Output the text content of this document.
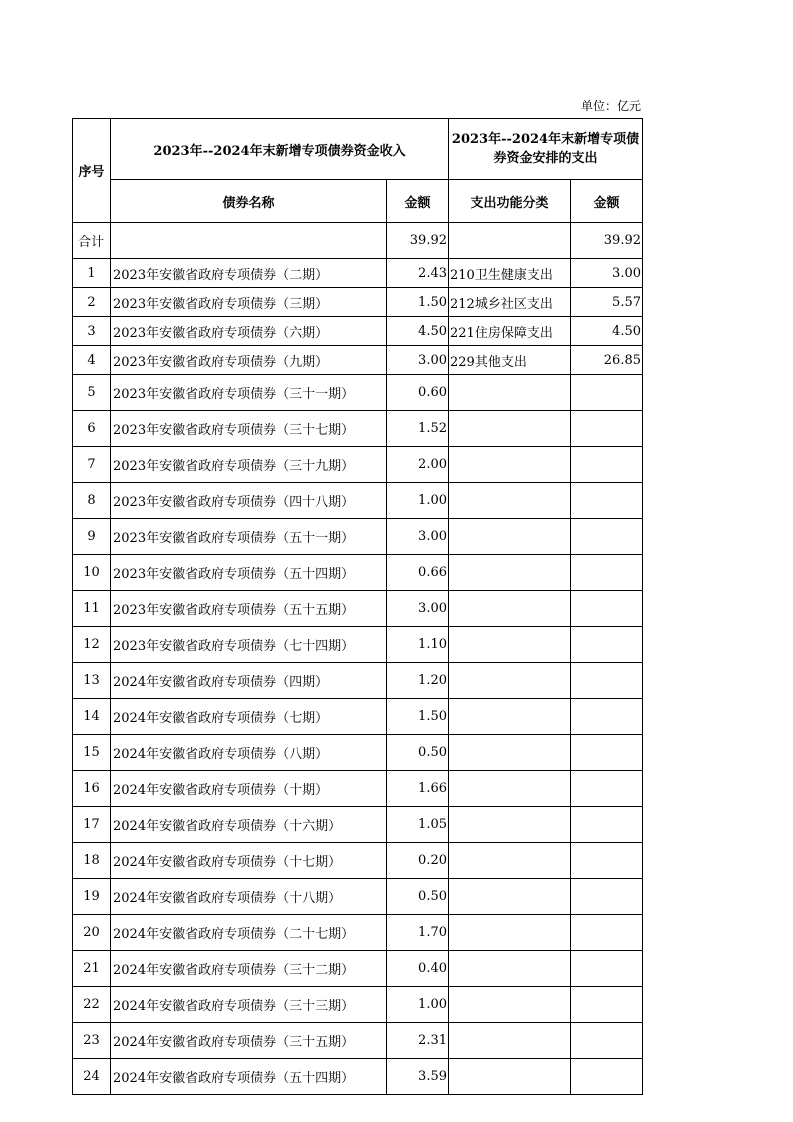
单位：亿元
序号	2023年--2024年末新增专项债券资金收入		2023年--2024年末新增专项债券资金安排的支出	
	债券名称	金额	支出功能分类	金额
合计		39.92		39.92
1	2023年安徽省政府专项债券（二期）	2.43	210卫生健康支出	3.00
2	2023年安徽省政府专项债券（三期）	1.50	212城乡社区支出	5.57
3	2023年安徽省政府专项债券（六期）	4.50	221住房保障支出	4.50
4	2023年安徽省政府专项债券（九期）	3.00	229其他支出	26.85
5	2023年安徽省政府专项债券（三十一期）	0.60		
6	2023年安徽省政府专项债券（三十七期）	1.52		
7	2023年安徽省政府专项债券（三十九期）	2.00		
8	2023年安徽省政府专项债券（四十八期）	1.00		
9	2023年安徽省政府专项债券（五十一期）	3.00		
10	2023年安徽省政府专项债券（五十四期）	0.66		
11	2023年安徽省政府专项债券（五十五期）	3.00		
12	2023年安徽省政府专项债券（七十四期）	1.10		
13	2024年安徽省政府专项债券（四期）	1.20		
14	2024年安徽省政府专项债券（七期）	1.50		
15	2024年安徽省政府专项债券（八期）	0.50		
16	2024年安徽省政府专项债券（十期）	1.66		
17	2024年安徽省政府专项债券（十六期）	1.05		
18	2024年安徽省政府专项债券（十七期）	0.20		
19	2024年安徽省政府专项债券（十八期）	0.50		
20	2024年安徽省政府专项债券（二十七期）	1.70		
21	2024年安徽省政府专项债券（三十二期）	0.40		
22	2024年安徽省政府专项债券（三十三期）	1.00		
23	2024年安徽省政府专项债券（三十五期）	2.31		
24	2024年安徽省政府专项债券（五十四期）	3.59		
